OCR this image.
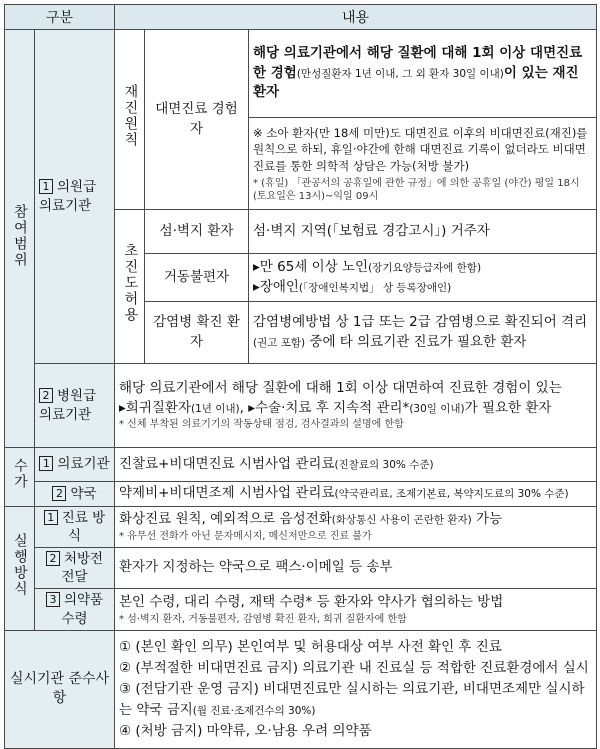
구분		내용		
참여범위	1 의원급 의료기관	재진원칙	대면진료 경험자	해당 의료기관에서 해당 질환에 대해 1회 이상 대면진료한 경험(만성질환자 1년 이내, 그 외 환자 30일 이내)이 있는 재진 환자

				※ 소아 환자(만 18세 미만)도 대면진료 이후의 비대면진료(재진)를 원칙으로 하되, 휴일·야간에 한해 대면진료 기록이 없더라도 비대면진료를 통한 의학적 상담은 가능(처방 불가)
* (휴일) 「관공서의 공휴일에 관한 규정」에 의한 공휴일 (야간) 평일 18시(토요일은 13시)~익일 09시

		초진도허용	섬·벽지 환자	섬·벽지 지역(「보험료 경감고시」) 거주자
			거동불편자	▸만 65세 이상 노인(장기요양등급자에 한함)
▸장애인(「장애인복지법」 상 등록장애인)

			감염병 확진 환자	감염병예방법 상 1급 또는 2급 감염병으로 확진되어 격리(권고 포함) 중에 타 의료기관 진료가 필요한 환자
	2 병원급 의료기관	해당 의료기관에서 해당 질환에 대해 1회 이상 대면하여 진료한 경험이 있는
▸희귀질환자(1년 이내), ▸수술·치료 후 지속적 관리*(30일 이내)가 필요한 환자
* 신체 부착된 의료기기의 작동상태 점검, 검사결과의 설명에 한함		

수가	1 의료기관	진찰료+비대면진료 시범사업 관리료(진찰료의 30% 수준)		
	2 약국	약제비+비대면조제 시범사업 관리료(약국관리료, 조제기본료, 복약지도료의 30% 수준)		
실행방식	1 진료 방식	화상진료 원칙, 예외적으로 음성전화(화상통신 사용이 곤란한 환자) 가능
* 유무선 전화가 아닌 문자메시지, 메신저만으로 진료 불가		

	2 처방전 전달	환자가 지정하는 약국으로 팩스·이메일 등 송부		
	3 의약품 수령	본인 수령, 대리 수령, 재택 수령* 등 환자와 약사가 협의하는 방법
* 섬·벽지 환자, 거동불편자, 감염병 확진 환자, 희귀 질환자에 한함		

실시기관 준수사항		① (본인 확인 의무) 본인여부 및 허용대상 여부 사전 확인 후 진료
② (부적절한 비대면진료 금지) 의료기관 내 진료실 등 적합한 진료환경에서 실시
③ (전담기관 운영 금지) 비대면진료만 실시하는 의료기관, 비대면조제만 실시하는 약국 금지(월 진료·조제건수의 30%)
④ (처방 금지) 마약류, 오·남용 우려 의약품		
